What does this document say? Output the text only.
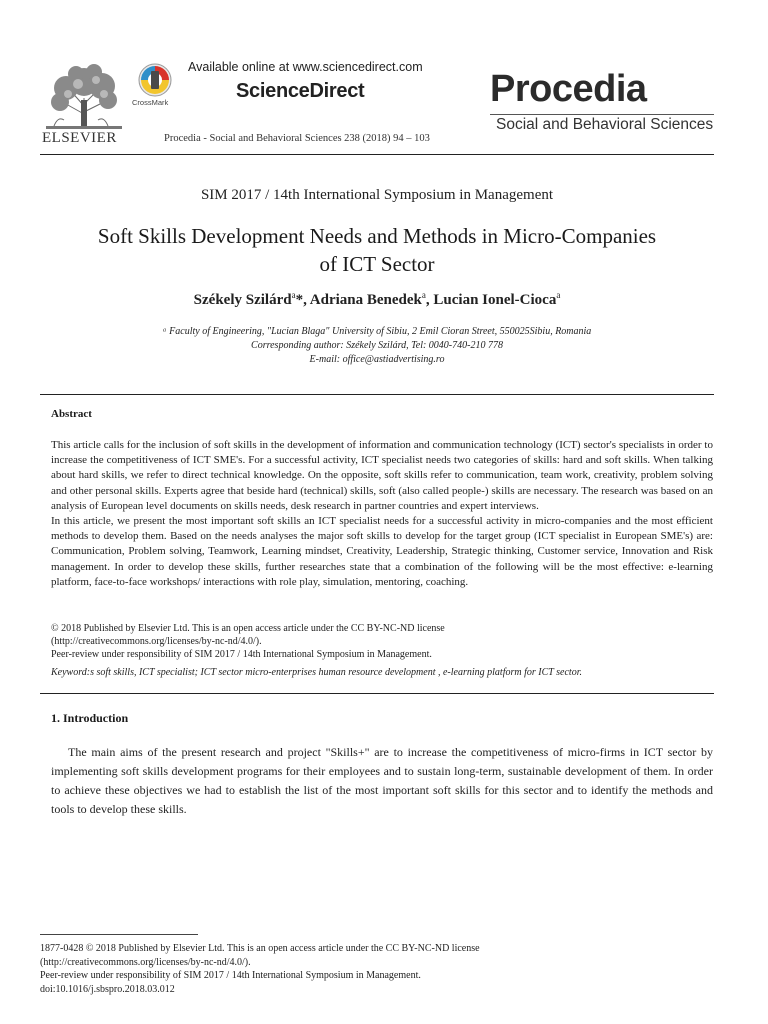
ELSEVIER
CrossMark
Available online at www.sciencedirect.com
ScienceDirect
Procedia - Social and Behavioral Sciences 238 (2018) 94 – 103
Procedia
Social and Behavioral Sciences
SIM 2017 / 14th International Symposium in Management
Soft Skills Development Needs and Methods in Micro-Companies
of ICT Sector
Székely Szilárd$^a$*, Adriana Benedek$^a$, Lucian Ionel-Cioca$^a$
ᵃ Faculty of Engineering, "Lucian Blaga" University of Sibiu, 2 Emil Cioran Street, 550025Sibiu, Romania
Corresponding author: Székely Szilárd, Tel: 0040-740-210 778
E-mail: office@astiadvertising.ro
Abstract

This article calls for the inclusion of soft skills in the development of information and communication technology (ICT) sector's specialists in order to increase the competitiveness of ICT SME's. For a successful activity, ICT specialist needs two categories of skills: hard and soft skills. When talking about hard skills, we refer to direct technical knowledge. On the opposite, soft skills refer to communication, team work, creativity, problem solving and other personal skills. Experts agree that beside hard (technical) skills, soft (also called people-) skills are necessary. The research was based on an analysis of European level documents on skills needs, desk research in partner countries and expert interviews.

In this article, we present the most important soft skills an ICT specialist needs for a successful activity in micro-companies and the most efficient methods to develop them. Based on the needs analyses the major soft skills to develop for the target group (ICT specialist in European SME's) are: Communication, Problem solving, Teamwork, Learning mindset, Creativity, Leadership, Strategic thinking, Customer service, Innovation and Risk management. In order to develop these skills, further researches state that a combination of the following will be the most effective: e-learning platform, face-to-face workshops/ interactions with role play, simulation, mentoring, coaching.

© 2018 Published by Elsevier Ltd. This is an open access article under the CC BY-NC-ND license
(http://creativecommons.org/licenses/by-nc-nd/4.0/).
Peer-review under responsibility of SIM 2017 / 14th International Symposium in Management.
Keyword:s soft skills, ICT specialist; ICT sector micro-enterprises human resource development , e-learning platform for ICT sector.
1. Introduction
The main aims of the present research and project "Skills+" are to increase the competitiveness of micro-firms in ICT sector by implementing soft skills development programs for their employees and to sustain long-term, sustainable development of them. In order to achieve these objectives we had to establish the list of the most important soft skills for this sector and to identify the methods and tools to develop these skills.
1877-0428 © 2018 Published by Elsevier Ltd. This is an open access article under the CC BY-NC-ND license
(http://creativecommons.org/licenses/by-nc-nd/4.0/).
Peer-review under responsibility of SIM 2017 / 14th International Symposium in Management.
doi:10.1016/j.sbspro.2018.03.012
